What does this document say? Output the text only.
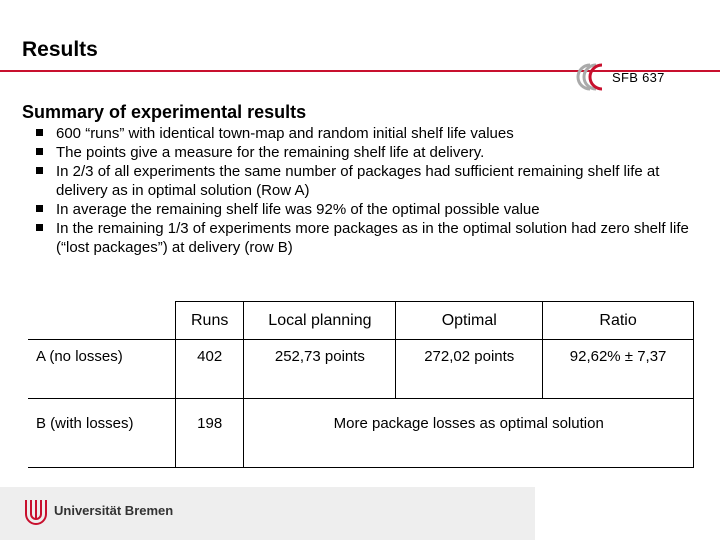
Results
SFB 637
Summary of experimental results
600 “runs” with identical town-map and random initial shelf life values
The points give a measure for the remaining shelf life at delivery.
In 2/3 of all experiments the same number of packages had sufficient remaining shelf life at delivery as in optimal solution (Row A)
In average the remaining shelf life was 92% of the optimal possible value
In the remaining 1/3 of experiments more packages as in the optimal solution had zero shelf life (“lost packages”) at delivery (row B)
	Runs	Local planning	Optimal	Ratio
A (no losses)	402	252,73 points	272,02 points	92,62% ± 7,37
B (with losses)	198	More package losses as optimal solution		
Universität Bremen
